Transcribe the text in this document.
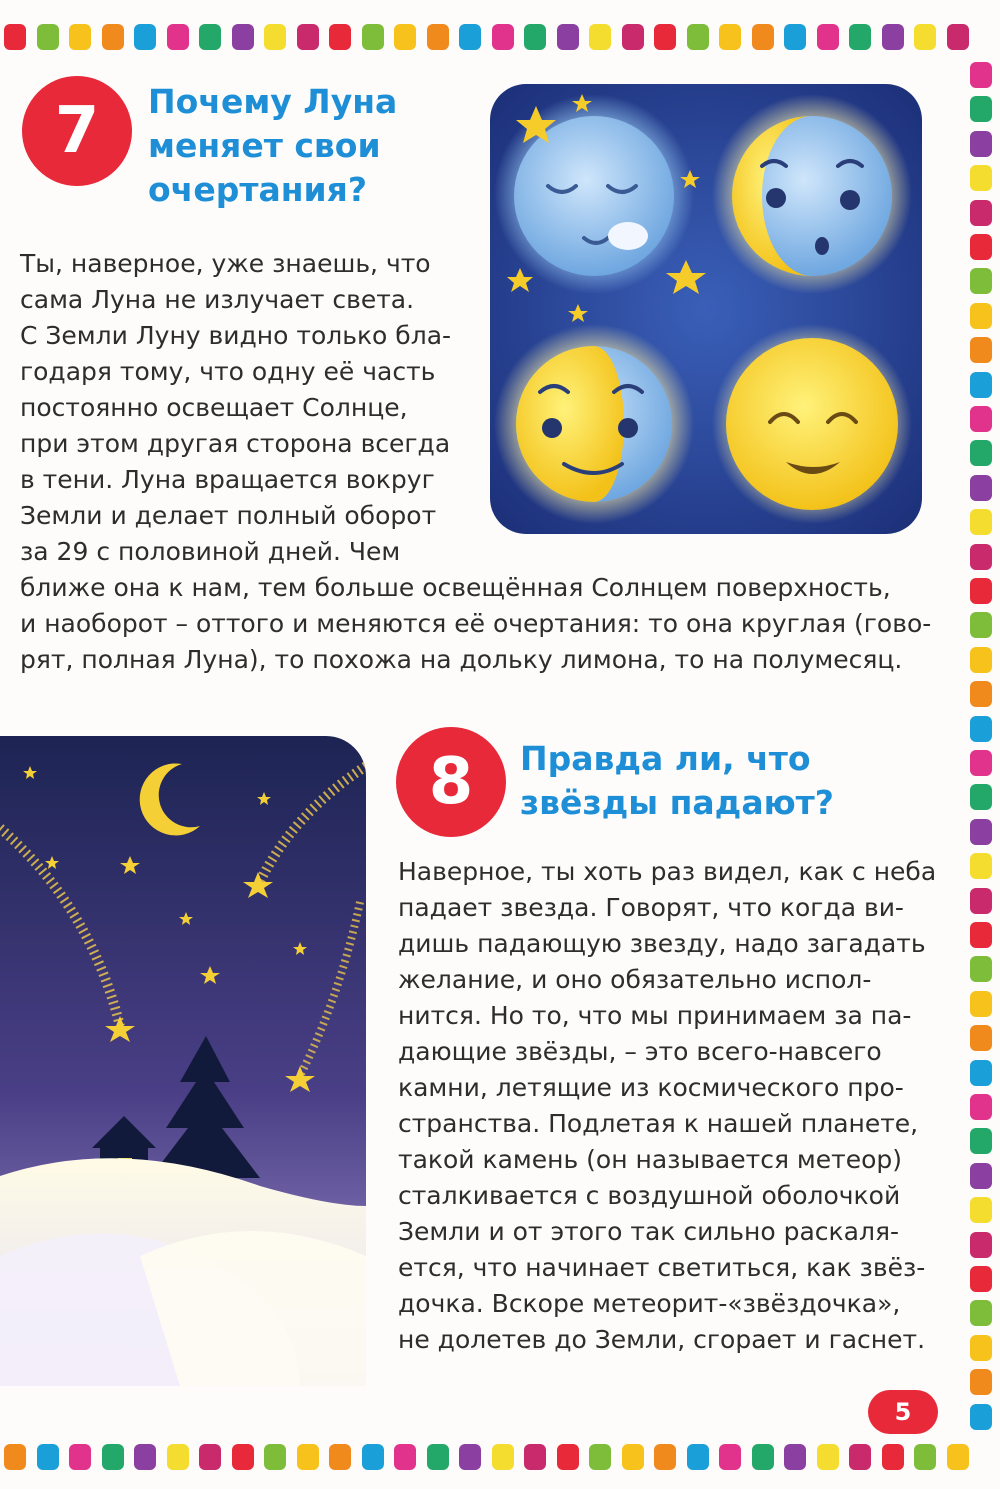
7 Почему Луна
меняет свои
очертания?
Ты, наверное, уже знаешь, что
сама Луна не излучает света.
С Земли Луну видно только бла-
годаря тому, что одну её часть
постоянно освещает Солнце,
при этом другая сторона всегда
в тени. Луна вращается вокруг
Земли и делает полный оборот
за 29 с половиной дней. Чем
ближе она к нам, тем больше освещённая Солнцем поверхность,
и наоборот – оттого и меняются её очертания: то она круглая (гово-
рят, полная Луна), то похожа на дольку лимона, то на полумесяц.
8 Правда ли, что
звёзды падают?
Наверное, ты хоть раз видел, как с неба
падает звезда. Говорят, что когда ви-
дишь падающую звезду, надо загадать
желание, и оно обязательно испол-
нится. Но то, что мы принимаем за па-
дающие звёзды, – это всего-навсего
камни, летящие из космического про-
странства. Подлетая к нашей планете,
такой камень (он называется метеор)
сталкивается с воздушной оболочкой
Земли и от этого так сильно раскаля-
ется, что начинает светиться, как звёз-
дочка. Вскоре метеорит-«звёздочка»,
не долетев до Земли, сгорает и гаснет.
5
